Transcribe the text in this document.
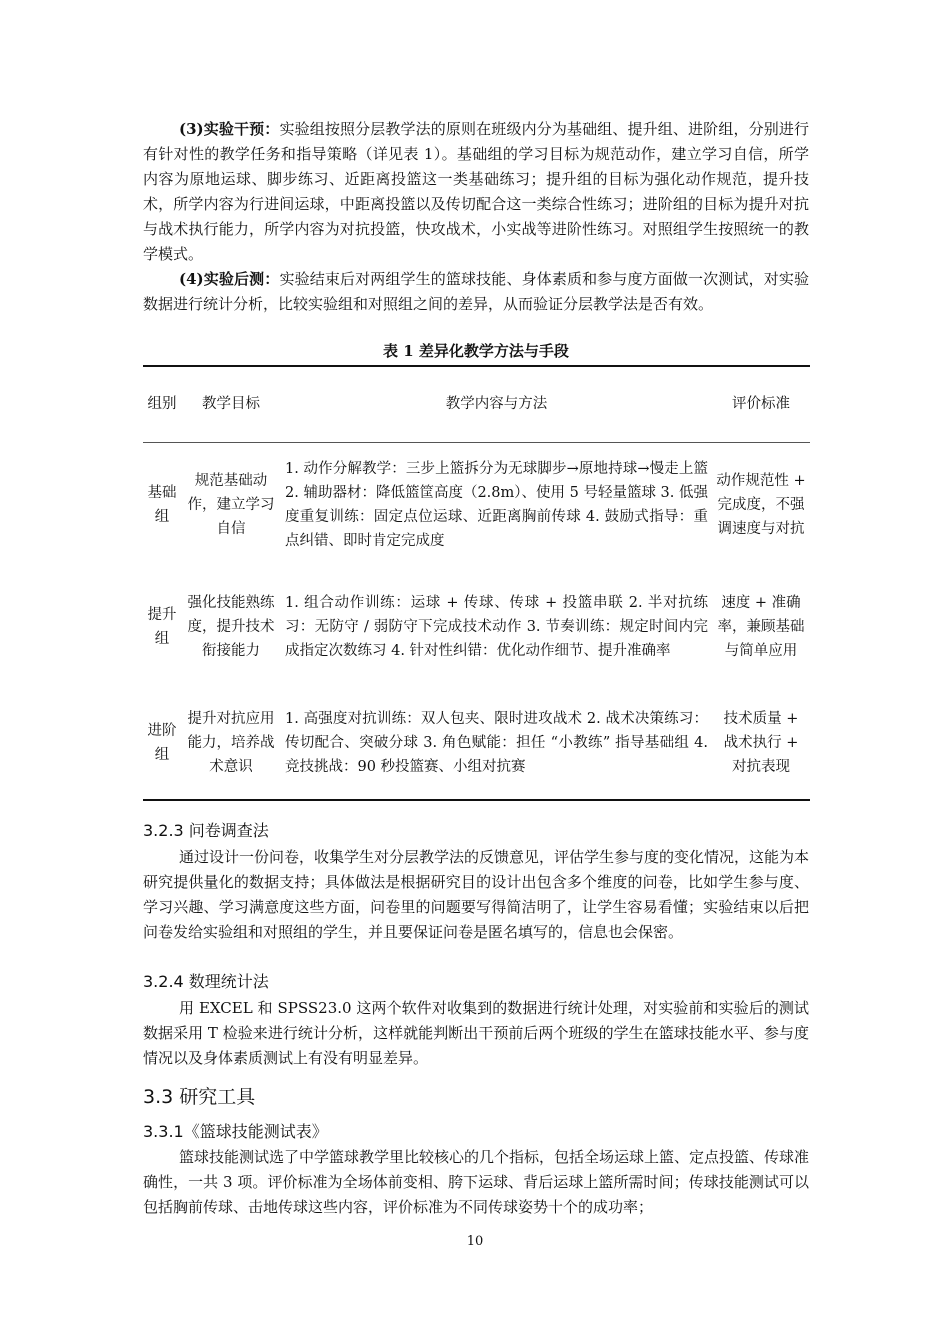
(3)实验干预：实验组按照分层教学法的原则在班级内分为基础组、提升组、进阶组，分别进行有针对性的教学任务和指导策略（详见表 1）。基础组的学习目标为规范动作，建立学习自信，所学内容为原地运球、脚步练习、近距离投篮这一类基础练习；提升组的目标为强化动作规范，提升技术，所学内容为行进间运球，中距离投篮以及传切配合这一类综合性练习；进阶组的目标为提升对抗与战术执行能力，所学内容为对抗投篮，快攻战术，小实战等进阶性练习。对照组学生按照统一的教学模式。

(4)实验后测：实验结束后对两组学生的篮球技能、身体素质和参与度方面做一次测试，对实验数据进行统计分析，比较实验组和对照组之间的差异，从而验证分层教学法是否有效。

表 1 差异化教学方法与手段
组别	教学目标	教学内容与方法	评价标准
基础组	规范基础动作，建立学习自信	1. 动作分解教学：三步上篮拆分为无球脚步→原地持球→慢走上篮 2. 辅助器材：降低篮筐高度（2.8m）、使用 5 号轻量篮球 3. 低强度重复训练：固定点位运球、近距离胸前传球 4. 鼓励式指导：重点纠错、即时肯定完成度	动作规范性 + 完成度，不强调速度与对抗
提升组	强化技能熟练度，提升技术衔接能力	1. 组合动作训练：运球 + 传球、传球 + 投篮串联 2. 半对抗练习：无防守 / 弱防守下完成技术动作 3. 节奏训练：规定时间内完成指定次数练习 4. 针对性纠错：优化动作细节、提升准确率	速度 + 准确率，兼顾基础与简单应用
进阶组	提升对抗应用能力，培养战术意识	1. 高强度对抗训练：双人包夹、限时进攻战术 2. 战术决策练习：传切配合、突破分球 3. 角色赋能：担任 “小教练” 指导基础组 4. 竞技挑战：90 秒投篮赛、小组对抗赛	技术质量 + 战术执行 + 对抗表现
3.2.3 问卷调查法

通过设计一份问卷，收集学生对分层教学法的反馈意见，评估学生参与度的变化情况，这能为本研究提供量化的数据支持；具体做法是根据研究目的设计出包含多个维度的问卷，比如学生参与度、学习兴趣、学习满意度这些方面，问卷里的问题要写得简洁明了，让学生容易看懂；实验结束以后把问卷发给实验组和对照组的学生，并且要保证问卷是匿名填写的，信息也会保密。

3.2.4 数理统计法

用 EXCEL 和 SPSS23.0 这两个软件对收集到的数据进行统计处理，对实验前和实验后的测试数据采用 T 检验来进行统计分析，这样就能判断出干预前后两个班级的学生在篮球技能水平、参与度情况以及身体素质测试上有没有明显差异。

3.3 研究工具
3.3.1《篮球技能测试表》

篮球技能测试选了中学篮球教学里比较核心的几个指标，包括全场运球上篮、定点投篮、传球准确性，一共 3 项。评价标准为全场体前变相、胯下运球、背后运球上篮所需时间；传球技能测试可以包括胸前传球、击地传球这些内容，评价标准为不同传球姿势十个的成功率；

10
